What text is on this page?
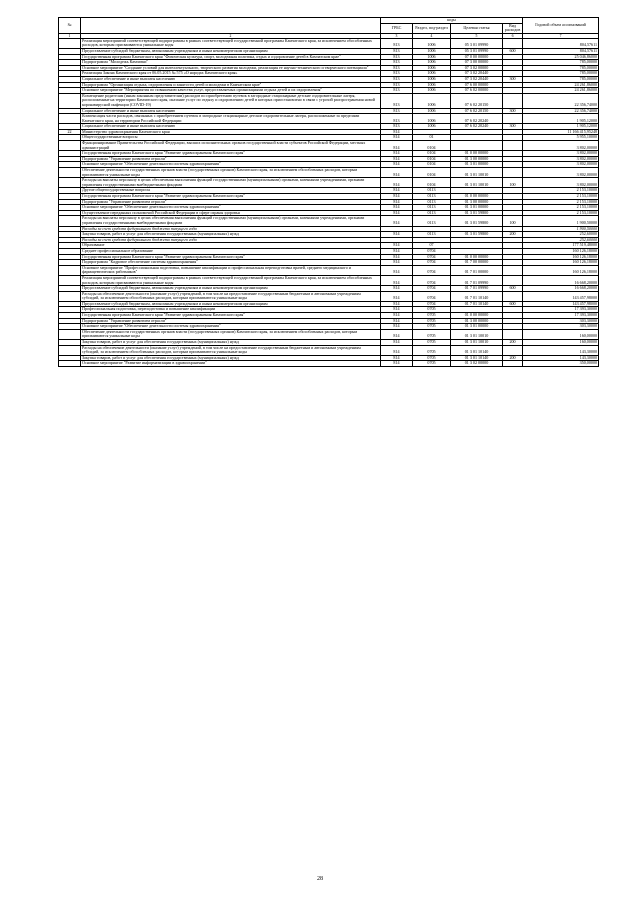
№		коды				Годовой объем ассигнований
		ГРБС	Раздел, под-раздел	Целевая статья	Вид расходов	
1	2	3	4	5	6	7
	Реализация мероприятий соответствующей подпрограммы в рамках соответствующей государственной программы Камчатского края, за исключением обособленных расходов, которым присваиваются уникальные коды	813	1006	05 3 01 09990		804,57611
	Предоставление субсидий бюджетным, автономным учреждениям и иным некоммерческим организациям	813	1006	05 3 01 09990	600	804,57611
	Государственная программа Камчатского края "Физическая культура, спорт, молодежная политика, отдых и оздоровление детей в Камчатском крае"	813	1006	07 0 00 00000		25 046,86000
	Подпрограмма "Молодежь Камчатки"	813	1006	07 3 00 00000		785,00000
	Основное мероприятие "Создание условий для интеллектуального, творческого развития молодежи, реализация ее научно-технического и творческого потенциала"	813	1006	07 3 02 00000		785,00000
	Реализация Закона Камчатского края от 06.05.2015 № 575 «О народах Камчатского края»	813	1006	07 3 02 20440		785,00000
	Социальное обеспечение и иные выплаты населению	813	1006	07 3 02 20440	300	785,00000
	Подпрограмма "Организация отдыха, оздоровления и занятости детей и молодежи в Камчатском крае"	813	1006	07 6 00 00000		24 261,86000
	Основное мероприятие "Мероприятия по повышению качества услуг, предоставляемых организациями отдыха детей и их оздоровления"	813	1006	07 6 02 00000		24 261,86000
	Возмещение родителям (иным законным представителям) расходов по приобретению путевок в загородные стационарные детские оздоровительные лагеря, расположенные на территории Камчатского края, оказание услуг по отдыху и оздоровлению детей в которых приостановлено в связи с угрозой распространения новой коронавирусной инфекции (COVID-19)	813	1006	07 6 02 20150		22 356,74000
	Социальное обеспечение и иные выплаты населению	813	1006	07 6 02 20150	300	22 356,74000
	Компенсация части расходов, связанных с приобретением путевок в загородные стационарные детские оздоровительные лагеря, расположенные за пределами Камчатского края, на территории Российской Федерации	813	1006	07 6 02 20240		1 905,12000
	Социальное обеспечение и иные выплаты населению	813	1006	07 6 02 20240	300	1 905,12000
22	Министерство здравоохранения Камчатского края	814				11 166 415,95248
	Общегосударственные вопросы	814	01			5 955,10000
	Функционирование Правительства Российской Федерации, высших исполнительных органов государственной власти субъектов Российской Федерации, местных администраций	814	0104			3 802,00000
	Государственная программа Камчатского края "Развитие здравоохранения Камчатского края"	814	0104	01 0 00 00000		3 802,00000
	Подпрограмма "Управление развитием отрасли"	814	0104	01 3 00 00000		3 802,00000
	Основное мероприятие "Обеспечение деятельности системы здравоохранения"	814	0104	01 3 01 00000		3 802,00000
	Обеспечение деятельности государственных органов власти (государственных органов) Камчатского края, за исключением обособленных расходов, которым присваиваются уникальные коды	814	0104	01 3 01 10010		3 802,00000
	Расходы на выплаты персоналу в целях обеспечения выполнения функций государственными (муниципальными) органами, казенными учреждениями, органами управления государственными внебюджетными фондами	814	0104	01 3 01 10010	100	3 802,00000
	Другие общегосударственные вопросы	814	0113			2 153,10000
	Государственная программа Камчатского края "Развитие здравоохранения Камчатского края"	814	0113	01 0 00 00000		2 153,10000
	Подпрограмма "Управление развитием отрасли"	814	0113	01 3 00 00000		2 153,10000
	Основное мероприятие "Обеспечение деятельности системы здравоохранения"	814	0113	01 3 01 00000		2 153,10000
	Осуществление переданных полномочий Российской Федерации в сфере охраны здоровья	814	0113	01 3 01 59800		2 153,10000
	Расходы на выплаты персоналу в целях обеспечения выполнения функций государственными (муниципальными) органами, казенными учреждениями, органами управления государственными внебюджетными фондами	814	0113	01 3 01 59800	100	1 900,50000
	Расходы за счет средств федерального бюджета текущего года					1 900,50000
	Закупка товаров, работ и услуг для обеспечения государственных (муниципальных) нужд	814	0113	01 3 01 59800	200	252,60000
	Расходы за счет средств федерального бюджета текущего года					252,60000
	Образование	814	07			177 519,48000
	Среднее профессиональное образование	814	0704			160 126,18000
	Государственная программа Камчатского края "Развитие здравоохранения Камчатского края"	814	0704	01 0 00 00000		160 126,18000
	Подпрограмма "Кадровое обеспечение системы здравоохранения"	814	0704	01 7 00 00000		160 126,18000
	Основное мероприятие "Профессиональная подготовка, повышение квалификации и профессиональная переподготовка врачей, среднего медицинского и фармацевтических работников"	814	0704	01 7 01 00000		160 126,18000
	Реализация мероприятий соответствующей подпрограммы в рамках соответствующей государственной программы Камчатского края, за исключением обособленных расходов, которым присваиваются уникальные коды	814	0704	01 7 01 09990		16 668,20000
	Предоставление субсидий бюджетным, автономным учреждениям и иным некоммерческим организациям	814	0704	01 7 01 09990	600	16 668,20000
	Расходы на обеспечение деятельности (оказание услуг) учреждений, в том числе на предоставление государственным бюджетным и автономным учреждениям субсидий, за исключением обособленных расходов, которым присваиваются уникальные коды	814	0704	01 7 01 10140		143 457,98000
	Предоставление субсидий бюджетным, автономным учреждениям и иным некоммерческим организациям	814	0704	01 7 01 10140	600	143 457,98000
	Профессиональная подготовка, переподготовка и повышение квалификации	814	0705			17 393,30000
	Государственная программа Камчатского края "Развитие здравоохранения Камчатского края"	814	0705	01 0 00 00000		17 393,30000
	Подпрограмма "Управление развитием отрасли"	814	0705	01 3 00 00000		303,30000
	Основное мероприятие "Обеспечение деятельности системы здравоохранения"	814	0705	01 3 01 00000		303,30000
	Обеспечение деятельности государственных органов власти (государственных органов) Камчатского края, за исключением обособленных расходов, которым присваиваются уникальные коды	814	0705	01 3 01 10010		160,00000
	Закупка товаров, работ и услуг для обеспечения государственных (муниципальных) нужд	814	0705	01 3 01 10010	200	160,00000
	Расходы на обеспечение деятельности (оказание услуг) учреждений, в том числе на предоставление государственным бюджетным и автономным учреждениям субсидий, за исключением обособленных расходов, которым присваиваются уникальные коды	814	0705	01 3 01 10140		143,30000
	Закупка товаров, работ и услуг для обеспечения государственных (муниципальных) нужд	814	0705	01 3 01 10140	200	143,30000
	Основное мероприятие "Развитие информатизации в здравоохранении"	814	0705	01 3 02 00000		350,00000
28
